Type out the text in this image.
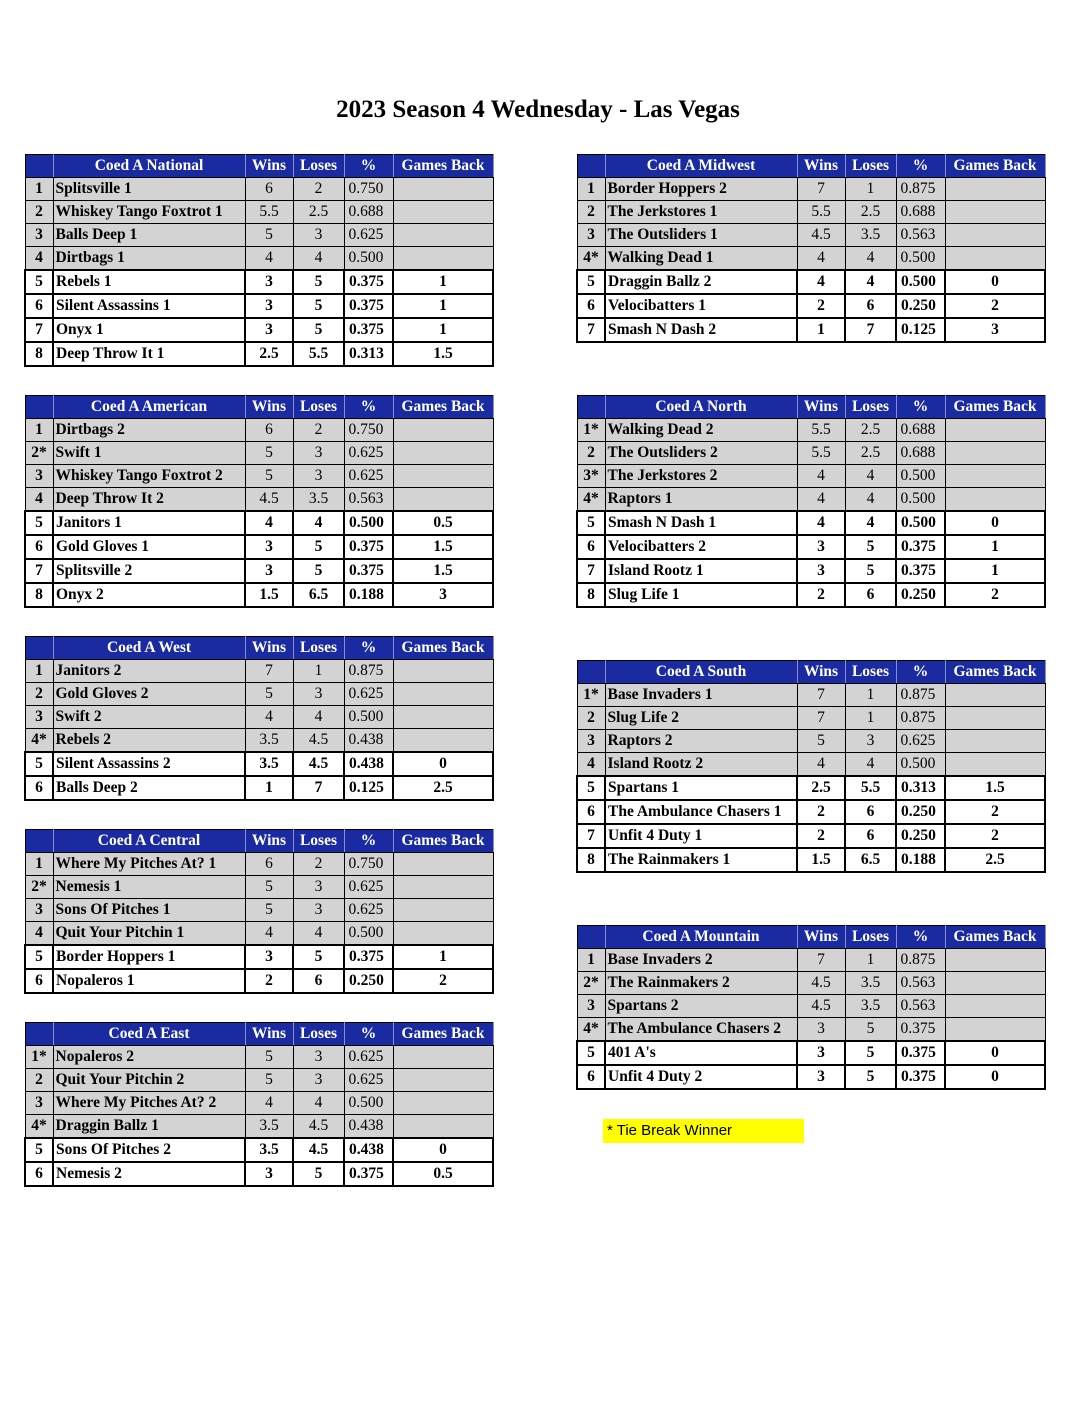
2023 Season 4 Wednesday - Las Vegas
	Coed A National	Wins	Loses	%	Games Back
1	Splitsville 1	6	2	0.750	
2	Whiskey Tango Foxtrot 1	5.5	2.5	0.688	
3	Balls Deep 1	5	3	0.625	
4	Dirtbags 1	4	4	0.500	
5	Rebels 1	3	5	0.375	1
6	Silent Assassins 1	3	5	0.375	1
7	Onyx 1	3	5	0.375	1
8	Deep Throw It 1	2.5	5.5	0.313	1.5
	Coed A American	Wins	Loses	%	Games Back
1	Dirtbags 2	6	2	0.750	
2*	Swift 1	5	3	0.625	
3	Whiskey Tango Foxtrot 2	5	3	0.625	
4	Deep Throw It 2	4.5	3.5	0.563	
5	Janitors 1	4	4	0.500	0.5
6	Gold Gloves 1	3	5	0.375	1.5
7	Splitsville 2	3	5	0.375	1.5
8	Onyx 2	1.5	6.5	0.188	3
	Coed A West	Wins	Loses	%	Games Back
1	Janitors 2	7	1	0.875	
2	Gold Gloves 2	5	3	0.625	
3	Swift 2	4	4	0.500	
4*	Rebels 2	3.5	4.5	0.438	
5	Silent Assassins 2	3.5	4.5	0.438	0
6	Balls Deep 2	1	7	0.125	2.5
	Coed A Central	Wins	Loses	%	Games Back
1	Where My Pitches At? 1	6	2	0.750	
2*	Nemesis 1	5	3	0.625	
3	Sons Of Pitches 1	5	3	0.625	
4	Quit Your Pitchin 1	4	4	0.500	
5	Border Hoppers 1	3	5	0.375	1
6	Nopaleros 1	2	6	0.250	2
	Coed A East	Wins	Loses	%	Games Back
1*	Nopaleros 2	5	3	0.625	
2	Quit Your Pitchin 2	5	3	0.625	
3	Where My Pitches At? 2	4	4	0.500	
4*	Draggin Ballz 1	3.5	4.5	0.438	
5	Sons Of Pitches 2	3.5	4.5	0.438	0
6	Nemesis 2	3	5	0.375	0.5
	Coed A Midwest	Wins	Loses	%	Games Back
1	Border Hoppers 2	7	1	0.875	
2	The Jerkstores 1	5.5	2.5	0.688	
3	The Outsliders 1	4.5	3.5	0.563	
4*	Walking Dead 1	4	4	0.500	
5	Draggin Ballz 2	4	4	0.500	0
6	Velocibatters 1	2	6	0.250	2
7	Smash N Dash 2	1	7	0.125	3
	Coed A North	Wins	Loses	%	Games Back
1*	Walking Dead 2	5.5	2.5	0.688	
2	The Outsliders 2	5.5	2.5	0.688	
3*	The Jerkstores 2	4	4	0.500	
4*	Raptors 1	4	4	0.500	
5	Smash N Dash 1	4	4	0.500	0
6	Velocibatters 2	3	5	0.375	1
7	Island Rootz 1	3	5	0.375	1
8	Slug Life 1	2	6	0.250	2
	Coed A South	Wins	Loses	%	Games Back
1*	Base Invaders 1	7	1	0.875	
2	Slug Life 2	7	1	0.875	
3	Raptors 2	5	3	0.625	
4	Island Rootz 2	4	4	0.500	
5	Spartans 1	2.5	5.5	0.313	1.5
6	The Ambulance Chasers 1	2	6	0.250	2
7	Unfit 4 Duty 1	2	6	0.250	2
8	The Rainmakers 1	1.5	6.5	0.188	2.5
	Coed A Mountain	Wins	Loses	%	Games Back
1	Base Invaders 2	7	1	0.875	
2*	The Rainmakers 2	4.5	3.5	0.563	
3	Spartans 2	4.5	3.5	0.563	
4*	The Ambulance Chasers 2	3	5	0.375	
5	401 A's	3	5	0.375	0
6	Unfit 4 Duty 2	3	5	0.375	0
* Tie Break Winner
